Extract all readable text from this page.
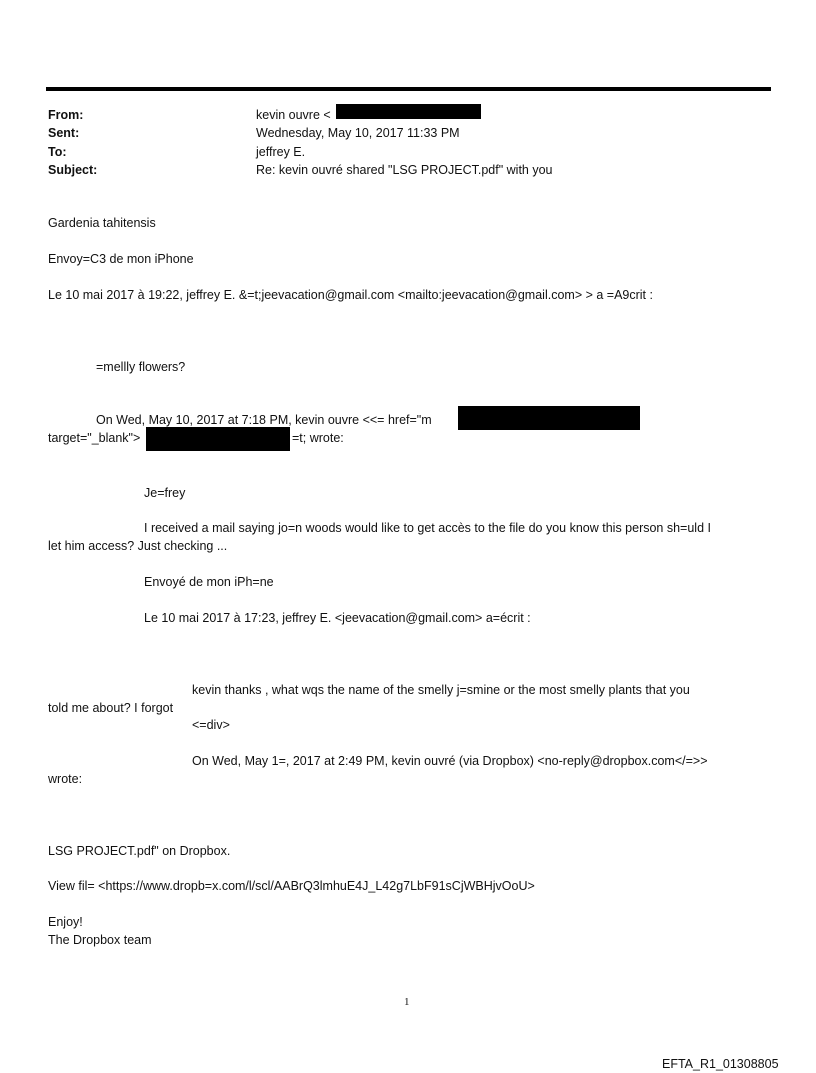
From:	kevin ouvre <
Sent:	Wednesday, May 10, 2017 11:33 PM
To:	jeffrey E.
Subject:	Re: kevin ouvré shared "LSG PROJECT.pdf" with you
Gardenia tahitensis
Envoy=C3 de mon iPhone
Le 10 mai 2017 à 19:22, jeffrey E. &=t;jeevacation@gmail.com <mailto:jeevacation@gmail.com> > a =A9crit :
=mellly flowers?
On Wed, May 10, 2017 at 7:18 PM, kevin ouvre <<= href="m
target="_blank">	=t; wrote:
Je=frey
I received a mail saying jo=n woods would like to get accès to the file do you know this person sh=uld I
let him access? Just checking ...
Envoyé de mon iPh=ne
Le 10 mai 2017 à 17:23, jeffrey E. <jeevacation@gmail.com> a=écrit :
kevin thanks , what wqs the name of the smelly j=smine or the most smelly plants that you
told me about? I forgot
<=div>
On Wed, May 1=, 2017 at 2:49 PM, kevin ouvré (via Dropbox) <no-reply@dropbox.com</=>>
wrote:
LSG PROJECT.pdf" on Dropbox.
View fil= <https://www.dropb=x.com/l/scl/AABrQ3lmhuE4J_L42g7LbF91sCjWBHjvOoU>
Enjoy!
The Dropbox team
1
EFTA_R1_01308805
